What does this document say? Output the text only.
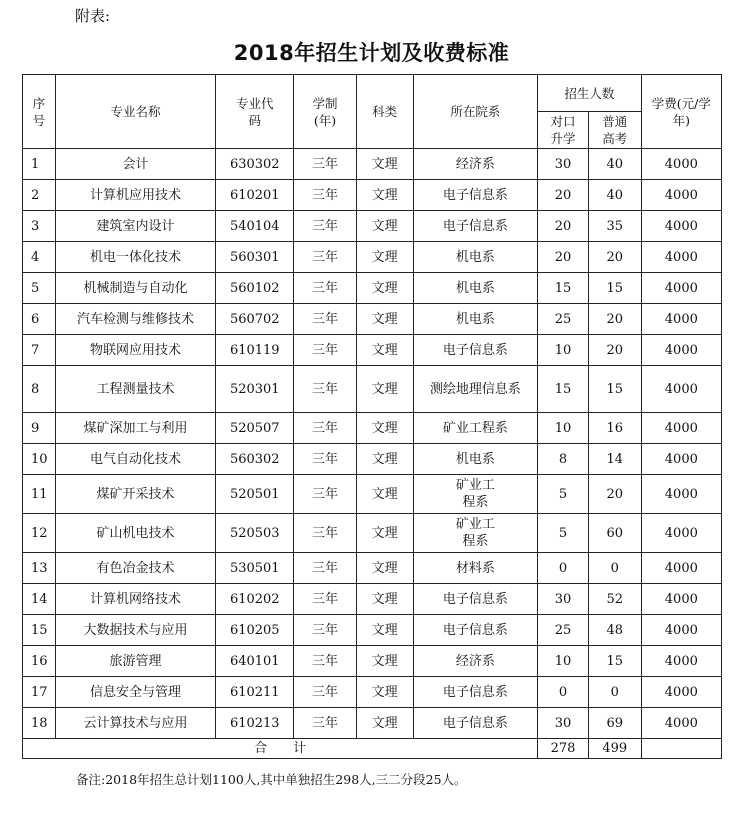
附表:
2018年招生计划及收费标准
序号	专业名称	专业代码	学制(年)	科类	所在院系	招生人数		学费(元/学年)
						对口升学	普通高考	
1	会计	630302	三年	文理	经济系	30	40	4000
2	计算机应用技术	610201	三年	文理	电子信息系	20	40	4000
3	建筑室内设计	540104	三年	文理	电子信息系	20	35	4000
4	机电一体化技术	560301	三年	文理	机电系	20	20	4000
5	机械制造与自动化	560102	三年	文理	机电系	15	15	4000
6	汽车检测与维修技术	560702	三年	文理	机电系	25	20	4000
7	物联网应用技术	610119	三年	文理	电子信息系	10	20	4000
8	工程测量技术	520301	三年	文理	测绘地理信息系	15	15	4000
9	煤矿深加工与利用	520507	三年	文理	矿业工程系	10	16	4000
10	电气自动化技术	560302	三年	文理	机电系	8	14	4000
11	煤矿开采技术	520501	三年	文理	矿业工程系	5	20	4000
12	矿山机电技术	520503	三年	文理	矿业工程系	5	60	4000
13	有色冶金技术	530501	三年	文理	材料系	0	0	4000
14	计算机网络技术	610202	三年	文理	电子信息系	30	52	4000
15	大数据技术与应用	610205	三年	文理	电子信息系	25	48	4000
16	旅游管理	640101	三年	文理	经济系	10	15	4000
17	信息安全与管理	610211	三年	文理	电子信息系	0	0	4000
18	云计算技术与应用	610213	三年	文理	电子信息系	30	69	4000
合　　计						278	499	
备注:2018年招生总计划1100人,其中单独招生298人,三二分段25人。
